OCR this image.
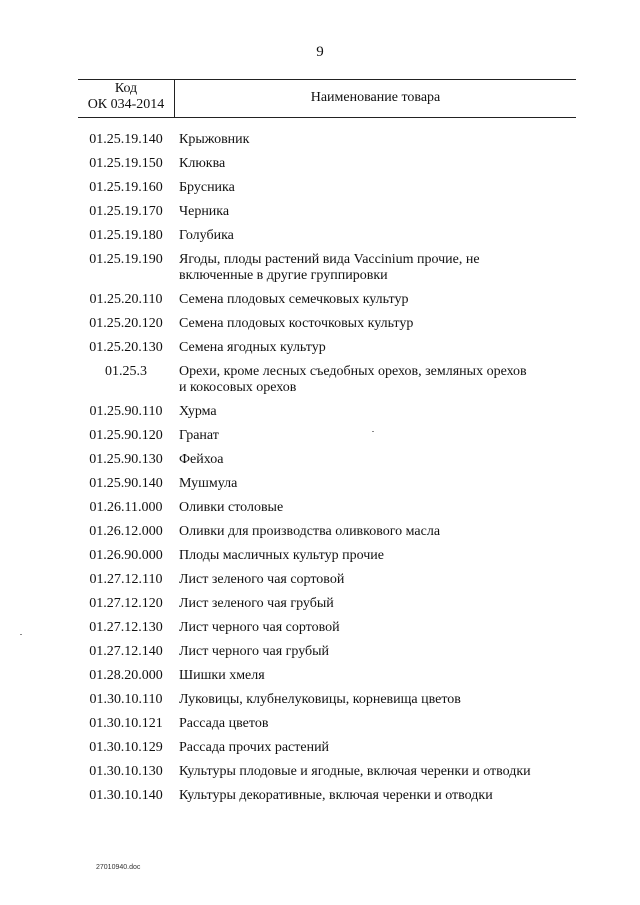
9
Код
ОК 034-2014	Наименование товара
01.25.19.140	Крыжовник
01.25.19.150	Клюква
01.25.19.160	Брусника
01.25.19.170	Черника
01.25.19.180	Голубика
01.25.19.190	Ягоды, плоды растений вида Vaccinium прочие, не
включенные в другие группировки
01.25.20.110	Семена плодовых семечковых культур
01.25.20.120	Семена плодовых косточковых культур
01.25.20.130	Семена ягодных культур
01.25.3	Орехи, кроме лесных съедобных орехов, земляных орехов
и кокосовых орехов
01.25.90.110	Хурма
01.25.90.120	Гранат
01.25.90.130	Фейхоа
01.25.90.140	Мушмула
01.26.11.000	Оливки столовые
01.26.12.000	Оливки для производства оливкового масла
01.26.90.000	Плоды масличных культур прочие
01.27.12.110	Лист зеленого чая сортовой
01.27.12.120	Лист зеленого чая грубый
01.27.12.130	Лист черного чая сортовой
01.27.12.140	Лист черного чая грубый
01.28.20.000	Шишки хмеля
01.30.10.110	Луковицы, клубнелуковицы, корневища цветов
01.30.10.121	Рассада цветов
01.30.10.129	Рассада прочих растений
01.30.10.130	Культуры плодовые и ягодные, включая черенки и отводки
01.30.10.140	Культуры декоративные, включая черенки и отводки
27010940.doc
